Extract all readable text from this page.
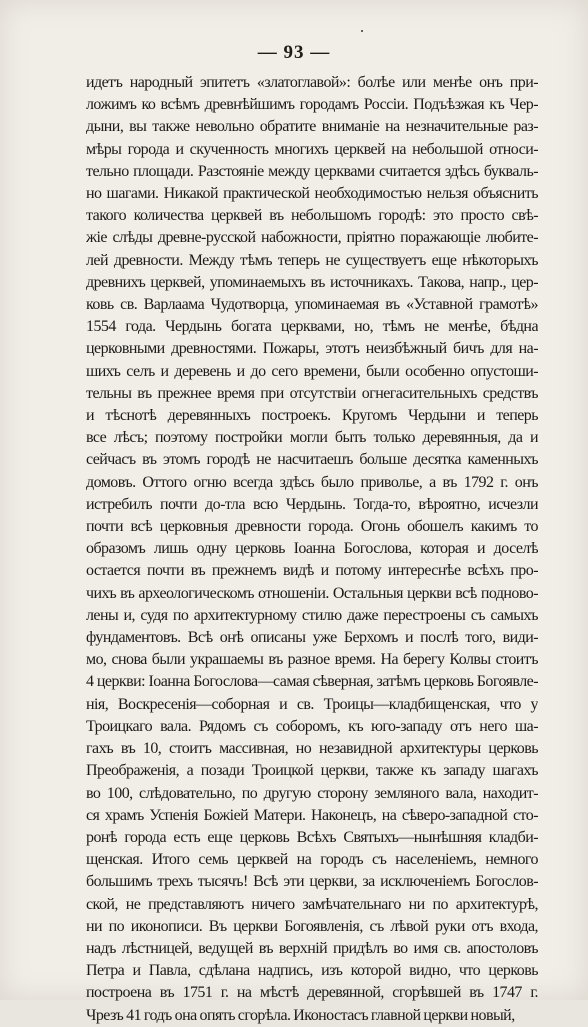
— 93 —
идетъ народный эпитетъ «златоглавой»: болѣе или менѣе онъ при-
ложимъ ко всѣмъ древнѣйшимъ городамъ Россіи. Подъѣзжая къ Чер-
дыни, вы также невольно обратите вниманіе на незначительные раз-
мѣры города и скученность многихъ церквей на небольшой относи-
тельно площади. Разстояніе между церквами считается здѣсь букваль-
но шагами. Никакой практической необходимостью нельзя объяснить
такого количества церквей въ небольшомъ городѣ: это просто свѣ-
жіе слѣды древне-русской набожности, пріятно поражающіе любите-
лей древности. Между тѣмъ теперь не существуетъ еще нѣкоторыхъ
древнихъ церквей, упоминаемыхъ въ источникахъ. Такова, напр., цер-
ковь св. Варлаама Чудотворца, упоминаемая въ «Уставной грамотѣ»
1554 года. Чердынь богата церквами, но, тѣмъ не менѣе, бѣдна
церковными древностями. Пожары, этотъ неизбѣжный бичъ для на-
шихъ селъ и деревень и до сего времени, были особенно опустоши-
тельны въ прежнее время при отсутствіи огнегасительныхъ средствъ
и тѣснотѣ деревянныхъ построекъ. Кругомъ Чердыни и теперь
все лѣсъ; поэтому постройки могли быть только деревянныя, да и
сейчасъ въ этомъ городѣ не насчитаешъ больше десятка каменныхъ
домовъ. Оттого огню всегда здѣсь было привольe, а въ 1792 г. онъ
истребилъ почти до-тла всю Чердынь. Тогда-то, вѣроятно, исчезли
почти всѣ церковныя древности города. Огонь обошелъ какимъ то
образомъ лишь одну церковь Іоанна Богослова, которая и доселѣ
остается почти въ прежнемъ видѣ и потому интереснѣе всѣхъ про-
чихъ въ археологическомъ отношеніи. Остальныя церкви всѣ подново-
лены и, судя по архитектурному стилю даже перестроены съ самыхъ
фундаментовъ. Всѣ онѣ описаны уже Берхомъ и послѣ того, види-
мо, снова были украшаемы въ разное время. На берегу Колвы стоитъ
4 церкви: Іоанна Богослова—самая сѣверная, затѣмъ церковь Богоявле-
нія, Воскресенія—соборная и св. Троицы—кладбищенская, что у
Троицкаго вала. Рядомъ съ соборомъ, къ юго-западу отъ него ша-
гахъ въ 10, стоитъ массивная, но незавидной архитектуры церковь
Преображенія, а позади Троицкой церкви, также къ западу шагахъ
во 100, слѣдовательно, по другую сторону земляного вала, находит-
ся храмъ Успенія Божіей Матери. Наконецъ, на сѣверо-западной сто-
ронѣ города есть еще церковь Всѣхъ Святыхъ—нынѣшняя кладби-
щенская. Итого семь церквей на городъ съ населеніемъ, немного
большимъ трехъ тысячъ! Всѣ эти церкви, за исключеніемъ Богослов-
ской, не представляютъ ничего замѣчательнаго ни по архитектурѣ,
ни по иконописи. Въ церкви Богоявленія, съ лѣвой руки отъ входа,
надъ лѣстницей, ведущей въ верхній придѣлъ во имя св. апостоловъ
Петра и Павла, сдѣлана надпись, изъ которой видно, что церковь
построена въ 1751 г. на мѣстѣ деревянной, сгорѣвшей въ 1747 г.
Чрезъ 41 годъ она опять сгорѣла. Иконостасъ главной церкви новый,
